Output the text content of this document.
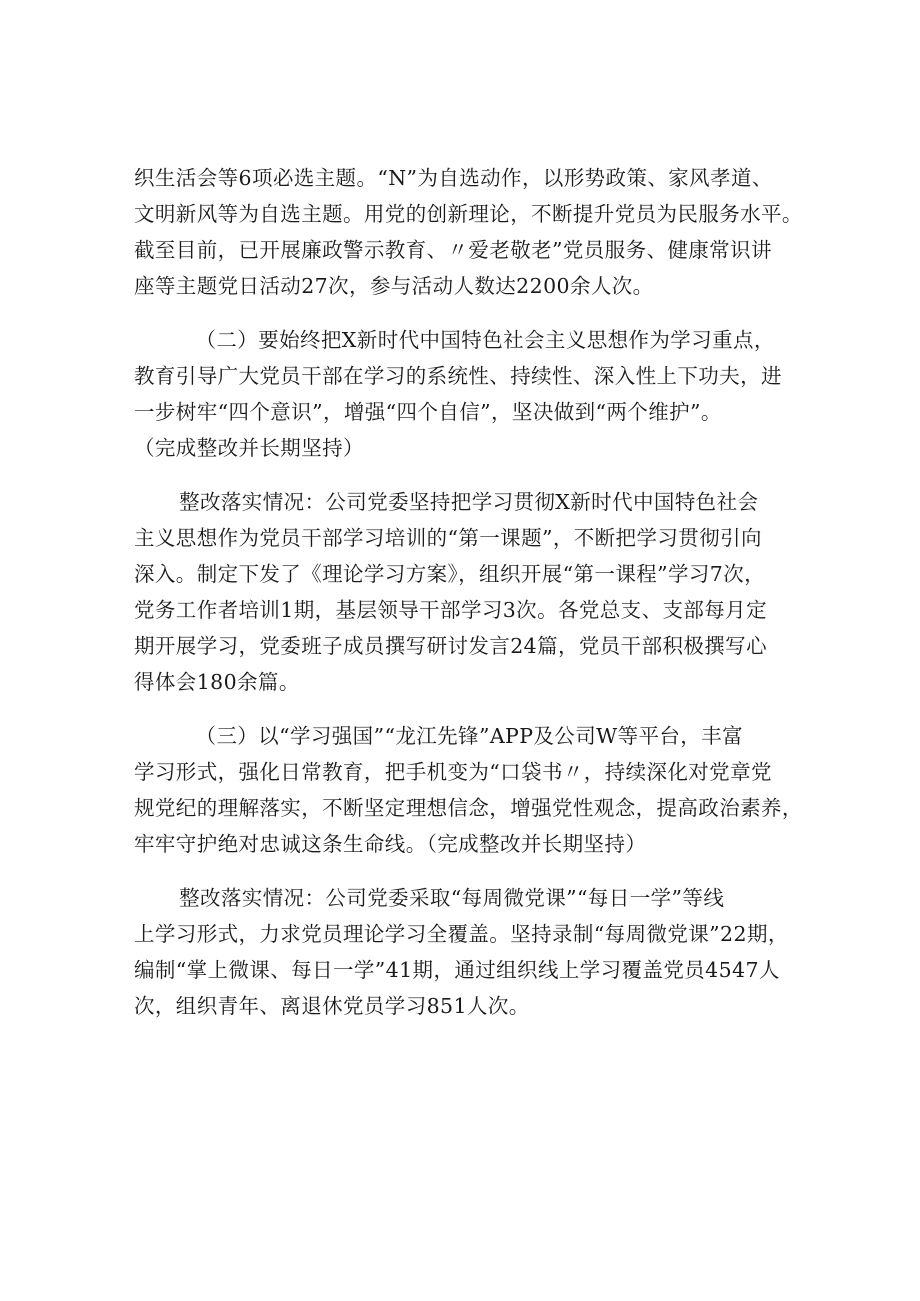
织生活会等6项必选主题。“N”为自选动作，以形势政策、家风孝道、
文明新风等为自选主题。用党的创新理论，不断提升党员为民服务水平。
截至目前，已开展廉政警示教育、〃爱老敬老”党员服务、健康常识讲
座等主题党日活动27次，参与活动人数达2200余人次。

（二）要始终把X新时代中国特色社会主义思想作为学习重点，
教育引导广大党员干部在学习的系统性、持续性、深入性上下功夫，进
一步树牢“四个意识”，增强“四个自信”，坚决做到“两个维护”。
（完成整改并长期坚持）

整改落实情况：公司党委坚持把学习贯彻X新时代中国特色社会
主义思想作为党员干部学习培训的“第一课题”，不断把学习贯彻引向
深入。制定下发了《理论学习方案》，组织开展“第一课程”学习7次，
党务工作者培训1期，基层领导干部学习3次。各党总支、支部每月定
期开展学习，党委班子成员撰写研讨发言24篇，党员干部积极撰写心
得体会180余篇。

（三）以“学习强国”“龙江先锋”APP及公司W等平台，丰富
学习形式，强化日常教育，把手机变为“口袋书〃，持续深化对党章党
规党纪的理解落实，不断坚定理想信念，增强党性观念，提高政治素养，
牢牢守护绝对忠诚这条生命线。（完成整改并长期坚持）

整改落实情况：公司党委采取“每周微党课”“每日一学”等线
上学习形式，力求党员理论学习全覆盖。坚持录制“每周微党课”22期，
编制“掌上微课、每日一学”41期，通过组织线上学习覆盖党员4547人
次，组织青年、离退休党员学习851人次。
